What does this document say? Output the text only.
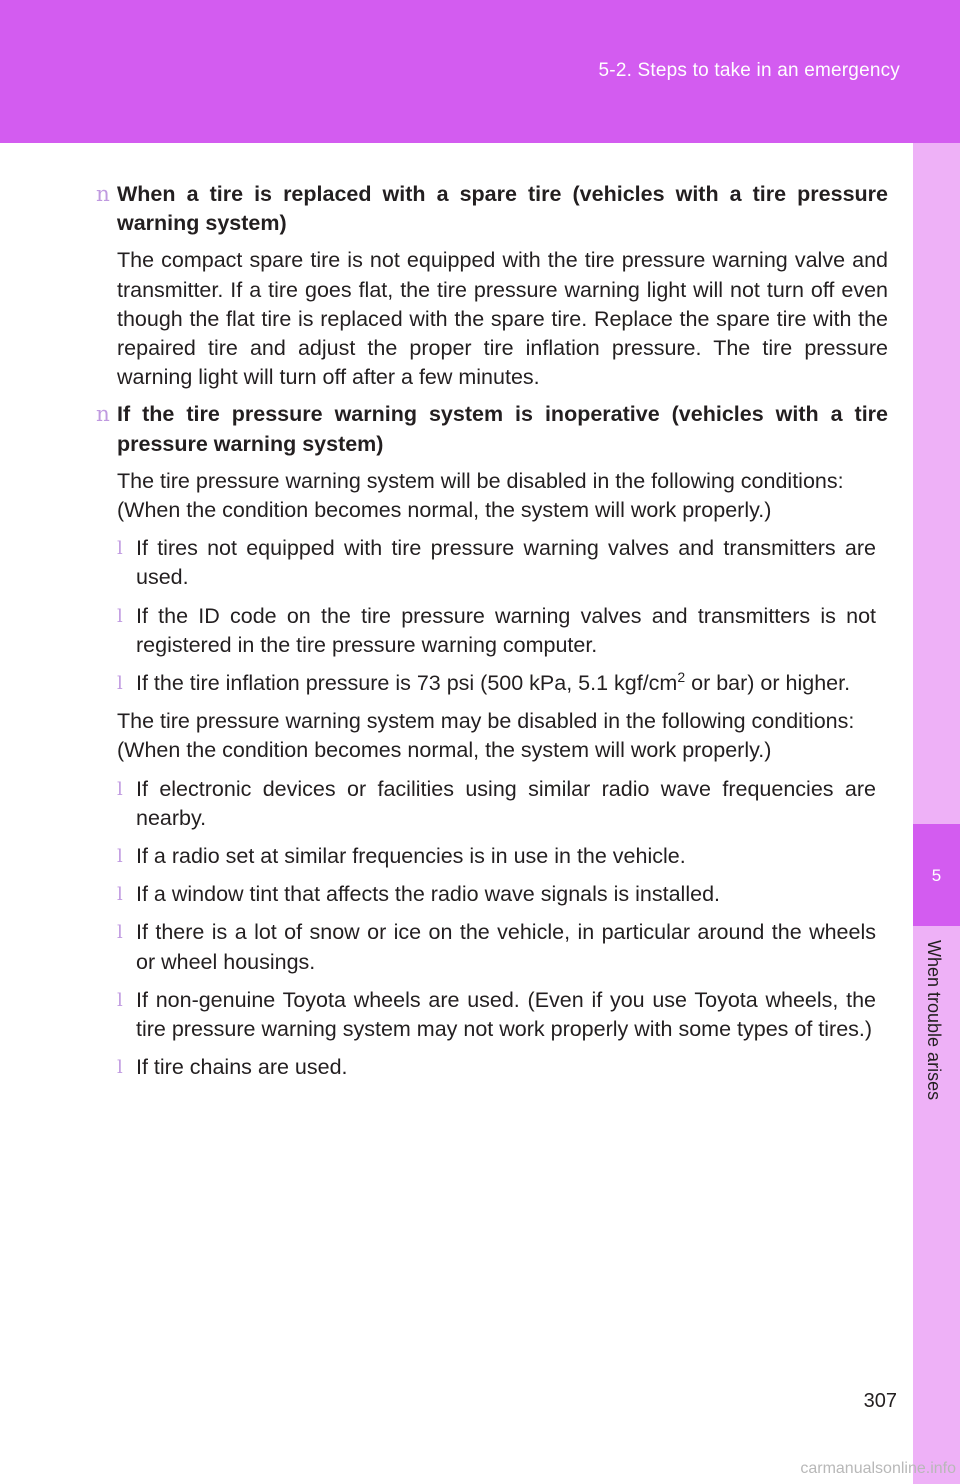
5-2. Steps to take in an emergency
5
When trouble arises
n When a tire is replaced with a spare tire (vehicles with a tire pressure warning system)

The compact spare tire is not equipped with the tire pressure warning valve and transmitter. If a tire goes flat, the tire pressure warning light will not turn off even though the flat tire is replaced with the spare tire. Replace the spare tire with the repaired tire and adjust the proper tire inflation pressure. The tire pressure warning light will turn off after a few minutes.

n If the tire pressure warning system is inoperative (vehicles with a tire pressure warning system)

The tire pressure warning system will be disabled in the following conditions:

(When the condition becomes normal, the system will work properly.)

l If tires not equipped with tire pressure warning valves and transmitters are used.
l If the ID code on the tire pressure warning valves and transmitters is not registered in the tire pressure warning computer.
l If the tire inflation pressure is 73 psi (500 kPa, 5.1 kgf/$cm^2$ or bar) or higher.

The tire pressure warning system may be disabled in the following conditions:

(When the condition becomes normal, the system will work properly.)

l If electronic devices or facilities using similar radio wave frequencies are nearby.
l If a radio set at similar frequencies is in use in the vehicle.
l If a window tint that affects the radio wave signals is installed.
l If there is a lot of snow or ice on the vehicle, in particular around the wheels or wheel housings.
l If non-genuine Toyota wheels are used. (Even if you use Toyota wheels, the tire pressure warning system may not work properly with some types of tires.)
l If tire chains are used.
307
carmanualsonline.info
